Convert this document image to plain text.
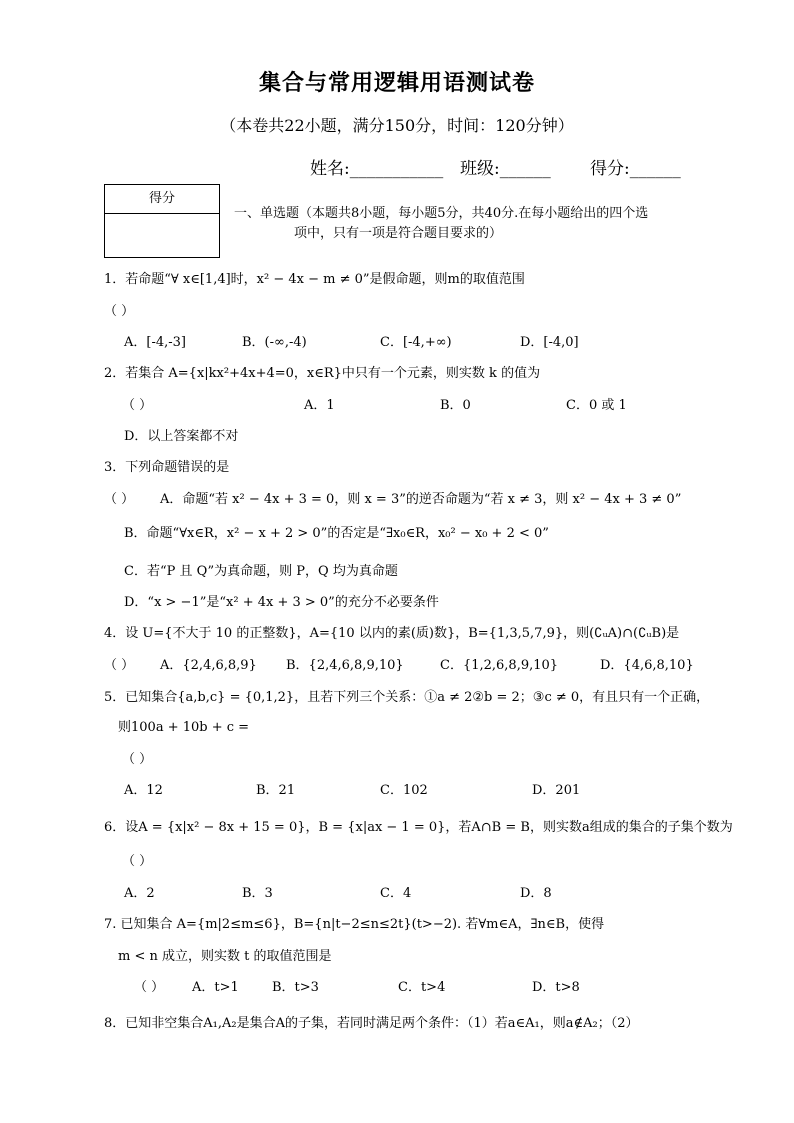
集合与常用逻辑用语测试卷
（本卷共22小题，满分150分，时间：120分钟）
姓名:___________ 班级:______ 得分:______
得分
一、单选题（本题共8小题，每小题5分，共40分.在每小题给出的四个选
项中，只有一项是符合题目要求的）
1．若命题“∀ x∈[1,4]时，x² − 4x − m ≠ 0”是假命题，则m的取值范围
（ ）
A．[-4,-3]	B．(-∞,-4)	C．[-4,+∞)	D．[-4,0]
2．若集合 A={x|kx²+4x+4=0，x∈R}中只有一个元素，则实数 k 的值为
（ ）	A．1	B．0	C．0 或 1
D．以上答案都不对
3．下列命题错误的是
（ ） A．命题“若 x² − 4x + 3 = 0，则 x = 3”的逆否命题为“若 x ≠ 3，则 x² − 4x + 3 ≠ 0”
B．命题“∀x∈R，x² − x + 2 > 0”的否定是“∃x₀∈R，x₀² − x₀ + 2 < 0”
C．若“P 且 Q”为真命题，则 P，Q 均为真命题
D．“x > −1”是“x² + 4x + 3 > 0”的充分不必要条件
4．设 U={不大于 10 的正整数}，A={10 以内的素(质)数}，B={1,3,5,7,9}，则(∁ᵤA)∩(∁ᵤB)是
（ ） A．{2,4,6,8,9} B．{2,4,6,8,9,10}	C．{1,2,6,8,9,10}	D．{4,6,8,10}
5．已知集合{a,b,c} = {0,1,2}，且若下列三个关系：①a ≠ 2②b = 2；③c ≠ 0，有且只有一个正确，
则100a + 10b + c =
（ ）
A．12	B．21	C．102	D．201
6．设A = {x|x² − 8x + 15 = 0}，B = {x|ax − 1 = 0}，若A∩B = B，则实数a组成的集合的子集个数为
（ ）
A．2	B．3	C．4	D．8
7. 已知集合 A={m|2≤m≤6}，B={n|t−2≤n≤2t}(t>−2). 若∀m∈A，∃n∈B，使得
m < n 成立，则实数 t 的取值范围是
（ ） A．t>1	B．t>3	C．t>4	D．t>8
8．已知非空集合A₁,A₂是集合A的子集，若同时满足两个条件：（1）若a∈A₁，则a∉A₂；（2）
